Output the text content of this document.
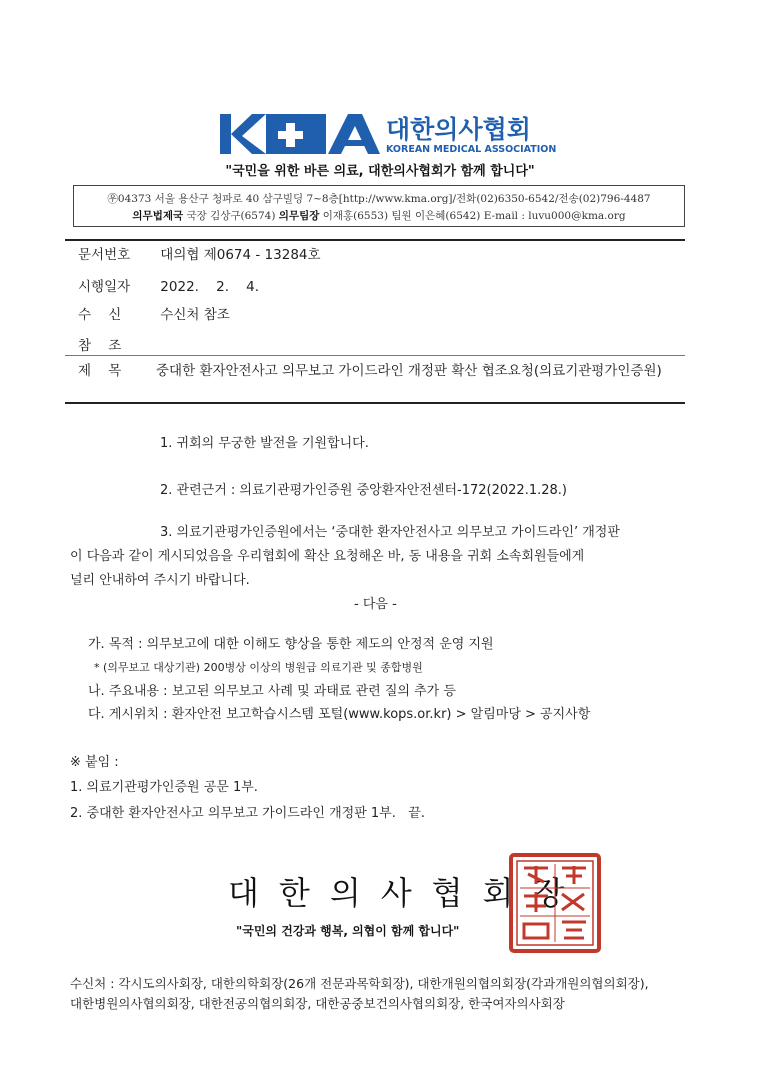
대한의사협회
KOREAN MEDICAL ASSOCIATION
"국민을 위한 바른 의료, 대한의사협회가 함께 합니다"
㉾04373 서울 용산구 청파로 40 삼구빌딩 7~8층[http://www.kma.org]/전화(02)6350-6542/전송(02)796-4487
의무법제국 국장 김상구(6574) 의무팀장 이재홍(6553) 팀원 이은혜(6542) E-mail : luvu000@kma.org
문서번호 대의협 제0674 - 13284호
시행일자 2022.    2.    4.
수    신	수신처 참조
참    조
제    목	중대한 환자안전사고 의무보고 가이드라인 개정판 확산 협조요청(의료기관평가인증원)
1. 귀회의 무궁한 발전을 기원합니다.
2. 관련근거 : 의료기관평가인증원 중앙환자안전센터-172(2022.1.28.)
3. 의료기관평가인증원에서는 ‘중대한 환자안전사고 의무보고 가이드라인’ 개정판
이 다음과 같이 게시되었음을 우리협회에 확산 요청해온 바, 동 내용을 귀회 소속회원들에게
널리 안내하여 주시기 바랍니다.
- 다음 -
가. 목적 : 의무보고에 대한 이해도 향상을 통한 제도의 안정적 운영 지원
* (의무보고 대상기관) 200병상 이상의 병원급 의료기관 및 종합병원
나. 주요내용 : 보고된 의무보고 사례 및 과태료 관련 질의 추가 등
다. 게시위치 : 환자안전 보고학습시스템 포털(www.kops.or.kr) > 알림마당 > 공지사항
※ 붙임 :
1. 의료기관평가인증원 공문 1부.
2. 중대한 환자안전사고 의무보고 가이드라인 개정판 1부.   끝.
대한의사협회장
"국민의 건강과 행복, 의협이 함께 합니다"
수신처 : 각시도의사회장, 대한의학회장(26개 전문과목학회장), 대한개원의협의회장(각과개원의협의회장),
대한병원의사협의회장, 대한전공의협의회장, 대한공중보건의사협의회장, 한국여자의사회장
